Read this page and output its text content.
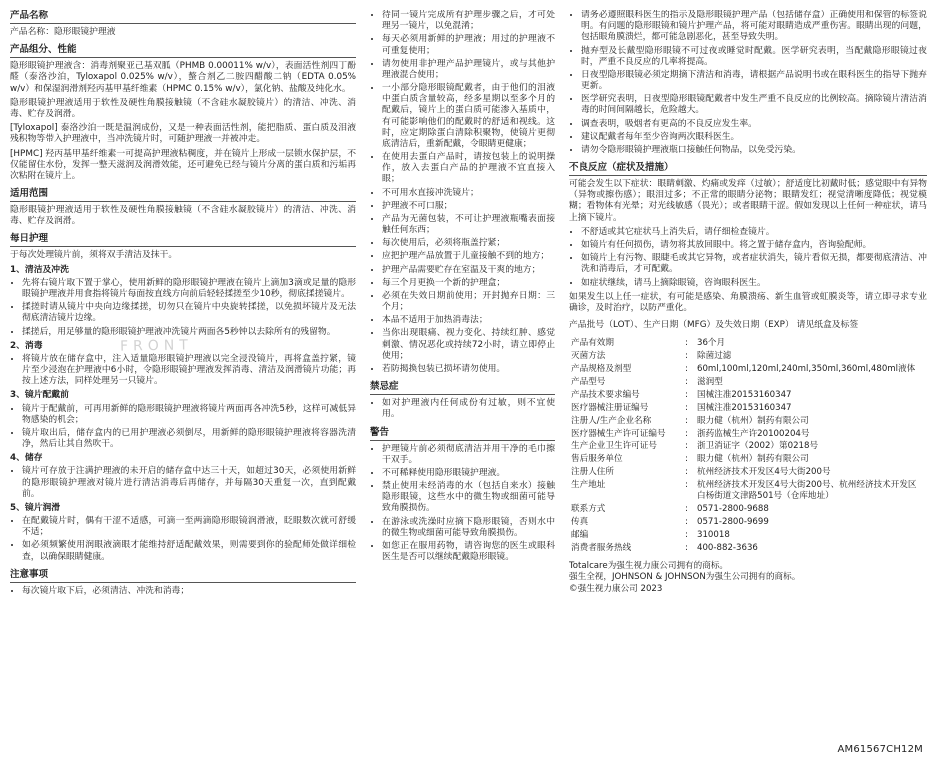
产品名称
产品名称：隐形眼镜护理液
产品组分、性能
隐形眼镜护理液含：消毒剂聚亚己基双胍（PHMB 0.00011% w/v），表面活性剂四丁酚醛（泰洛沙泊，Tyloxapol 0.025% w/v），螯合剂乙二胺四醋酸二钠（EDTA 0.05% w/v）和保湿润滑剂羟丙基甲基纤维素（HPMC 0.15% w/v），氯化钠、盐酸及纯化水。
隐形眼镜护理液适用于软性及硬性角膜接触镜（不含硅水凝胶镜片）的清洁、冲洗、消毒、贮存及润滑。
[Tyloxapol] 泰洛沙泊一既是温润成份，又是一种表面活性剂，能把脂质、蛋白质及泪液残积物等带入护理液中，当冲洗镜片时，可随护理液一并被冲走。
[HPMC] 羟丙基甲基纤维素一可提高护理液粘稠度，并在镜片上形成一层锁水保护层，不仅能留住水份，发挥一整天滋润及润滑效能，还可避免已经与镜片分离的蛋白质和污垢再次粘附在镜片上。
适用范围
隐形眼镜护理液适用于软性及硬性角膜接触镜（不含硅水凝胶镜片）的清洁、冲洗、消毒、贮存及润滑。
每日护理
于每次处理镜片前，须将双手清洁及抹干。
1、清洁及冲洗
• 先将右镜片取下置于掌心，使用新鲜的隐形眼镜护理液在镜片上滴加3滴或足量的隐形眼镜护理液并用食指将镜片每面按直线方向前后轻轻揉搓至少10秒，彻底揉搓镜片。
• 揉搓时请从镜片中央向边缘揉搓，切勿只在镜片中央旋转揉搓，以免损坏镜片及无法彻底清洁镜片边缘。
• 揉搓后，用足够量的隐形眼镜护理液冲洗镜片两面各5秒钟以去除所有的残留物。
2、消毒
• 将镜片放在储存盒中，注入适量隐形眼镜护理液以完全浸没镜片，再将盒盖拧紧，镜片至少浸泡在护理液中6小时，令隐形眼镜护理液发挥消毒、清洁及润滑镜片功能；再按上述方法，同样处理另一只镜片。
3、镜片配戴前
• 镜片于配戴前，可再用新鲜的隐形眼镜护理液将镜片两面再各冲洗5秒，这样可减低异物感染的机会；
• 镜片取出后，储存盒内的已用护理液必须倒尽，用新鲜的隐形眼镜护理液将容器洗清净，然后让其自然吹干。
4、储存
• 镜片可存放于注满护理液的未开启的储存盒中达三十天，如超过30天，必须使用新鲜的隐形眼镜护理液对镜片进行清洁消毒后再储存，并每隔30天重复一次，直到配戴前。
5、镜片润滑
• 在配戴镜片时，偶有干涩不适感，可滴一至两滴隐形眼镜润滑液，眨眼数次就可舒缓不适；
• 如必须频繁使用润眼液滴眼才能维持舒适配戴效果，则需要到你的验配师处做详细检查，以确保眼睛健康。
注意事项
• 每次镜片取下后，必须清洁、冲洗和消毒；
• 待同一镜片完成所有护理步骤之后，才可处理另一镜片，以免混淆；
• 每天必须用新鲜的护理液；用过的护理液不可重复使用；
• 请勿使用非护理产品护理镜片，或与其他护理液混合使用；
• 一小部分隐形眼镜配戴者，由于他们的泪液中蛋白质含量较高，经多星期以至多个月的配戴后，镜片上的蛋白质可能渗入基质中，有可能影响他们的配戴时的舒适和视线。这时，应定期除蛋白清除积聚物，使镜片更彻底清洁后，重新配戴，令眼睛更健康；
• 在使用去蛋白产品时，请按包装上的说明操作，放入去蛋白产品的护理液不宜直接入眼；
• 不可用水直接冲洗镜片；
• 护理液不可口服；
• 产品为无菌包装，不可让护理液瓶嘴表面接触任何东西；
• 每次使用后，必须将瓶盖拧紧；
• 应把护理产品放置于儿童接触不到的地方；
• 护理产品需要贮存在室温及干爽的地方；
• 每三个月更换一个新的护理盒；
• 必须在失效日期前使用；开封抛弃日期：三个月；
• 本品不适用于加热消毒法；
• 当你出现眼痛、视力变化、持续红肿、感觉刺激、情况恶化或持续72小时，请立即停止使用；
• 若防揭换包装已损坏请勿使用。
禁忌症
• 如对护理液内任何成份有过敏，则不宜使用。
警告
• 护理镜片前必须彻底清洁并用干净的毛巾擦干双手。
• 不可稀释使用隐形眼镜护理液。
• 禁止使用未经消毒的水（包括自来水）接触隐形眼镜，这些水中的微生物或细菌可能导致角膜损伤。
• 在游泳或洗澡时应摘下隐形眼镜，否则水中的微生物或细菌可能导致角膜损伤。
• 如您正在服用药物，请咨询您的医生或眼科医生是否可以继续配戴隐形眼镜。
• 请务必遵照眼科医生的指示及隐形眼镜护理产品（包括储存盒）正确使用和保管的标签说明。有问题的隐形眼镜和镜片护理产品，将可能对眼睛造成严重伤害。眼睛出现的问题，包括眼角膜溃烂，都可能急剧恶化，甚至导致失明。
• 抛弃型及长戴型隐形眼镜不可过夜或睡觉时配戴。医学研究表明，当配戴隐形眼镜过夜时，严重不良反应的几率将提高。
• 日夜型隐形眼镜必须定期摘下清洁和消毒，请根据产品说明书或在眼科医生的指导下抛弃更新。
• 医学研究表明，日夜型隐形眼镜配戴者中发生严重不良反应的比例较高。摘除镜片清洁消毒的时间间隔越长，危险越大。
• 调查表明，吸烟者有更高的不良反应发生率。
• 建议配戴者每年至少咨询两次眼科医生。
• 请勿令隐形眼镜护理液瓶口接触任何物品，以免受污染。
不良反应（症状及措施）
可能会发生以下症状：眼睛刺激、灼痛或发痒（过敏）；舒适度比初戴时低；感觉眼中有异物（异物或擦伤感）；眼泪过多；不正常的眼睛分泌物；眼睛发红；视觉清晰度降低；视觉模糊；看物体有光晕；对光线敏感（畏光）；或者眼睛干涩。假如发现以上任何一种症状，请马上摘下镜片。
• 不舒适或其它症状马上消失后，请仔细检查镜片。
• 如镜片有任何损伤，请勿将其放回眼中。将之置于储存盒内，咨询验配师。
• 如镜片上有污物、眼睫毛或其它异物，或者症状消失，镜片看似无损，都要彻底清洁、冲洗和消毒后，才可配戴。
• 如症状继续，请马上摘除眼镜，咨询眼科医生。
如果发生以上任一症状，有可能是感染、角膜溃疡、新生血管或虹膜炎等，请立即寻求专业确诊，及时治疗，以防严重化。
产品批号（LOT）、生产日期（MFG）及失效日期（EXP） 请见纸盒及标签
产品有效期	:	36个月
灭菌方法	:	除菌过滤
产品规格及剂型	:	60ml,100ml,120ml,240ml,350ml,360ml,480ml液体
产品型号	:	滋润型
产品技术要求编号	:	国械注准20153160347
医疗器械注册证编号	:	国械注准20153160347
注册人/生产企业名称	:	眼力健（杭州）制药有限公司
医疗器械生产许可证编号	:	浙药监械生产许20100204号
生产企业卫生许可证号	:	浙卫消证字（2002）第0218号
售后服务单位	:	眼力健（杭州）制药有限公司
注册人住所	:	杭州经济技术开发区4号大街200号
生产地址	:	杭州经济技术开发区4号大街200号、杭州经济技术开发区白杨街道文津路501号（仓库地址）
联系方式	:	0571-2800-9688
传真	:	0571-2800-9699
邮编	:	310018
消费者服务热线	:	400-882-3636
Totalcare为强生视力康公司拥有的商标。
强生全视，JOHNSON & JOHNSON为强生公司拥有的商标。
©强生视力康公司 2023
FRONT
AM61567CH12M
